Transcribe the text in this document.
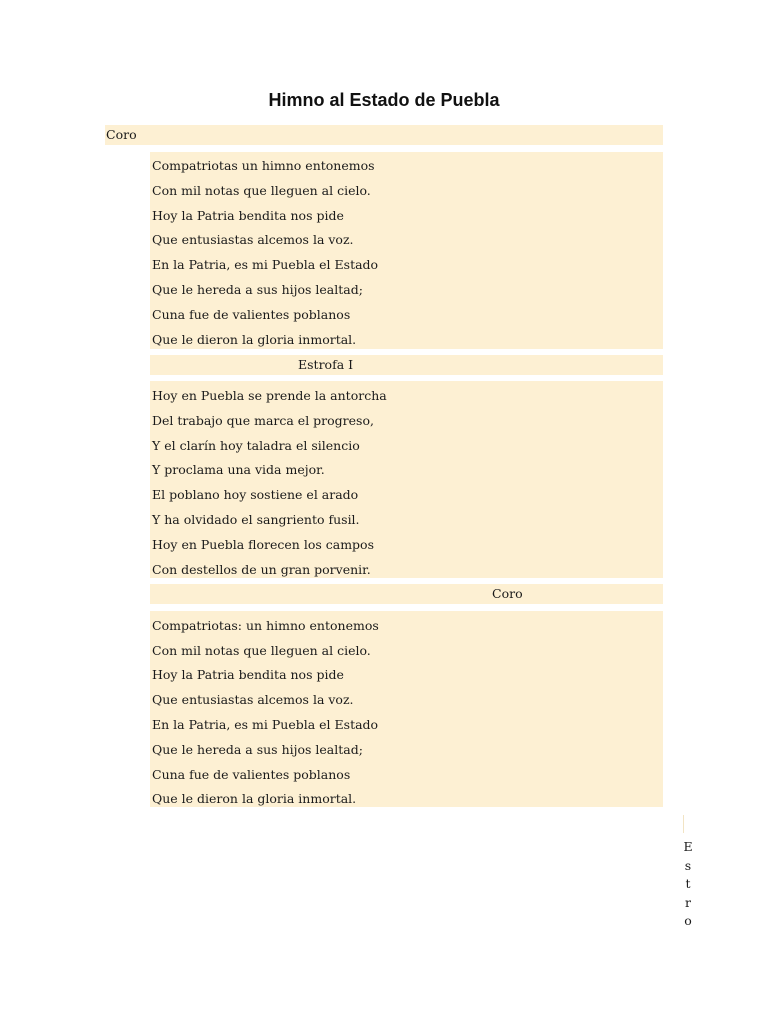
Himno al Estado de Puebla
Coro
Compatriotas un himno entonemos
Con mil notas que lleguen al cielo.
Hoy la Patria bendita nos pide
Que entusiastas alcemos la voz.
En la Patria, es mi Puebla el Estado
Que le hereda a sus hijos lealtad;
Cuna fue de valientes poblanos
Que le dieron la gloria inmortal.
Estrofa I
Hoy en Puebla se prende la antorcha
Del trabajo que marca el progreso,
Y el clarín hoy taladra el silencio
Y proclama una vida mejor.
El poblano hoy sostiene el arado
Y ha olvidado el sangriento fusil.
Hoy en Puebla florecen los campos
Con destellos de un gran porvenir.
Coro
Compatriotas: un himno entonemos
Con mil notas que lleguen al cielo.
Hoy la Patria bendita nos pide
Que entusiastas alcemos la voz.
En la Patria, es mi Puebla el Estado
Que le hereda a sus hijos lealtad;
Cuna fue de valientes poblanos
Que le dieron la gloria inmortal.
E
s
t
r
o
